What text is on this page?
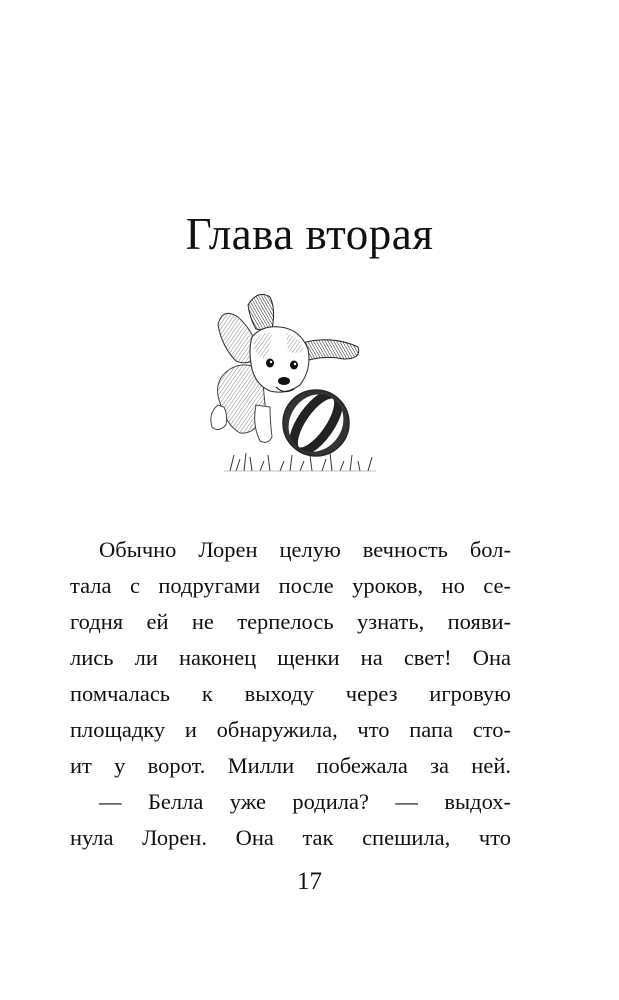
Глава вторая
Обычно Лорен целую вечность бол-
тала с подругами после уроков, но се-
годня ей не терпелось узнать, появи-
лись ли наконец щенки на свет! Она
помчалась к выходу через игровую
площадку и обнаружила, что папа сто-
ит у ворот. Милли побежала за ней.
— Белла уже родила? — выдох-
нула Лорен. Она так спешила, что
17
